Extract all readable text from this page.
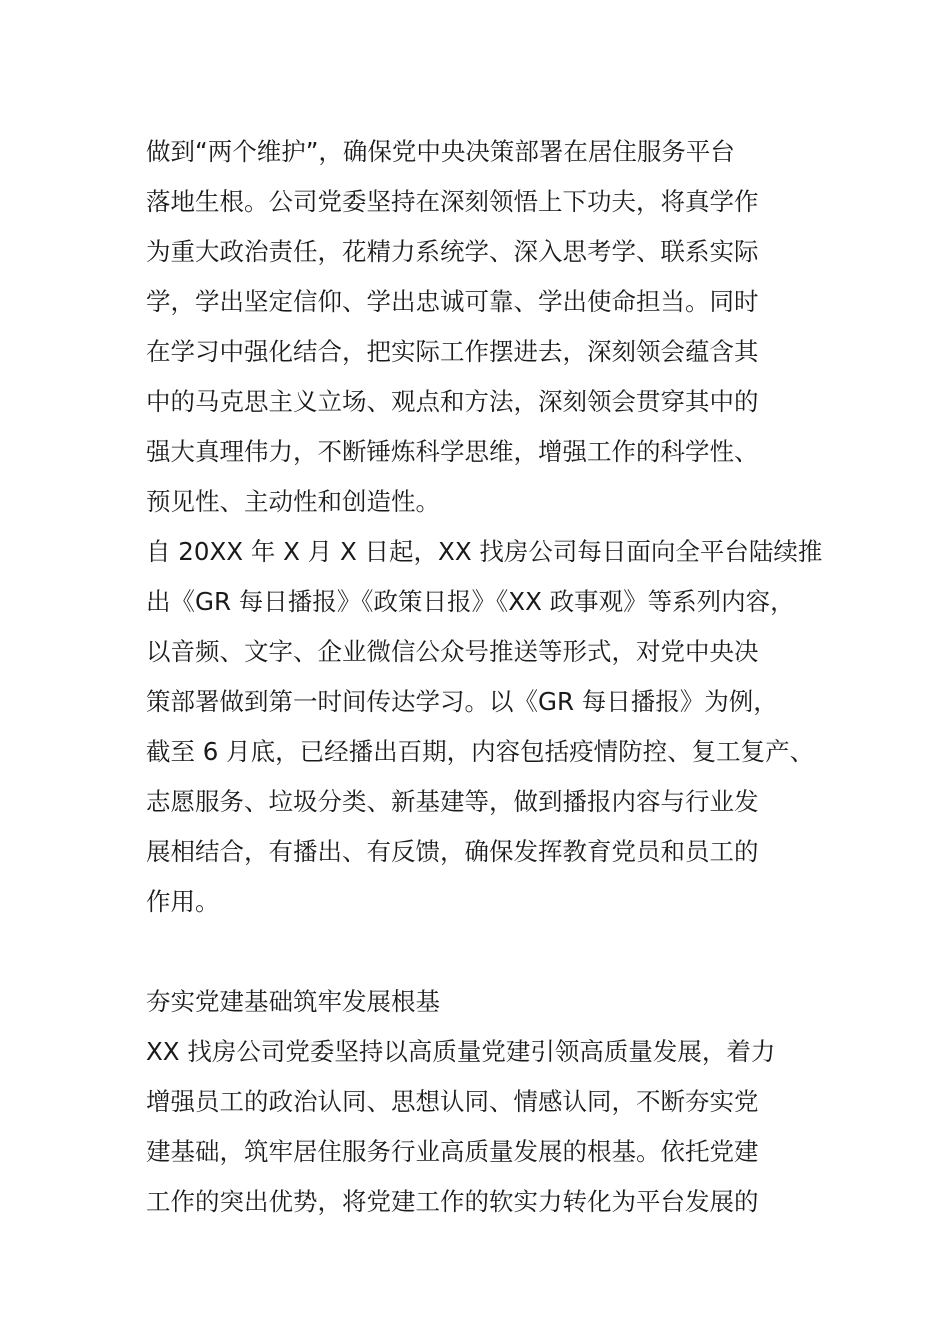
做到“两个维护”，确保党中央决策部署在居住服务平台
落地生根。公司党委坚持在深刻领悟上下功夫，将真学作
为重大政治责任，花精力系统学、深入思考学、联系实际
学，学出坚定信仰、学出忠诚可靠、学出使命担当。同时
在学习中强化结合，把实际工作摆进去，深刻领会蕴含其
中的马克思主义立场、观点和方法，深刻领会贯穿其中的
强大真理伟力，不断锤炼科学思维，增强工作的科学性、
预见性、主动性和创造性。
自 20XX 年 X 月 X 日起，XX 找房公司每日面向全平台陆续推
出《GR 每日播报》《政策日报》《XX 政事观》等系列内容，
以音频、文字、企业微信公众号推送等形式，对党中央决
策部署做到第一时间传达学习。以《GR 每日播报》为例，
截至 6 月底，已经播出百期，内容包括疫情防控、复工复产、
志愿服务、垃圾分类、新基建等，做到播报内容与行业发
展相结合，有播出、有反馈，确保发挥教育党员和员工的
作用。
夯实党建基础筑牢发展根基
XX 找房公司党委坚持以高质量党建引领高质量发展，着力
增强员工的政治认同、思想认同、情感认同，不断夯实党
建基础，筑牢居住服务行业高质量发展的根基。依托党建
工作的突出优势，将党建工作的软实力转化为平台发展的
